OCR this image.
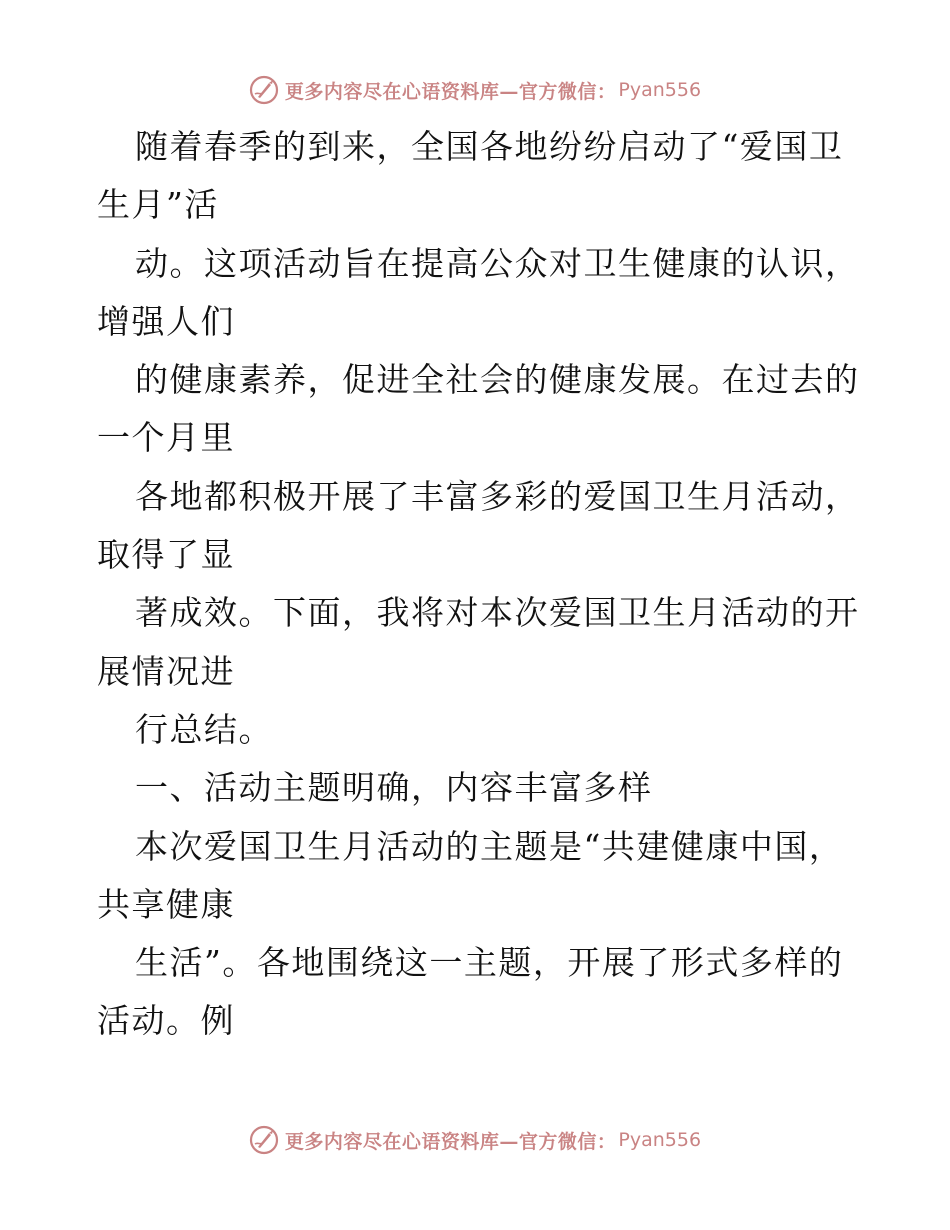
更多内容尽在心语资料库—官方微信： Pyan556
随着春季的到来，全国各地纷纷启动了“爱国卫
生月”活
动。这项活动旨在提高公众对卫生健康的认识，
增强人们
的健康素养，促进全社会的健康发展。在过去的
一个月里
各地都积极开展了丰富多彩的爱国卫生月活动，
取得了显
著成效。下面，我将对本次爱国卫生月活动的开
展情况进
行总结。
一、活动主题明确，内容丰富多样
本次爱国卫生月活动的主题是“共建健康中国，
共享健康
生活”。各地围绕这一主题，开展了形式多样的
活动。例
更多内容尽在心语资料库—官方微信： Pyan556
